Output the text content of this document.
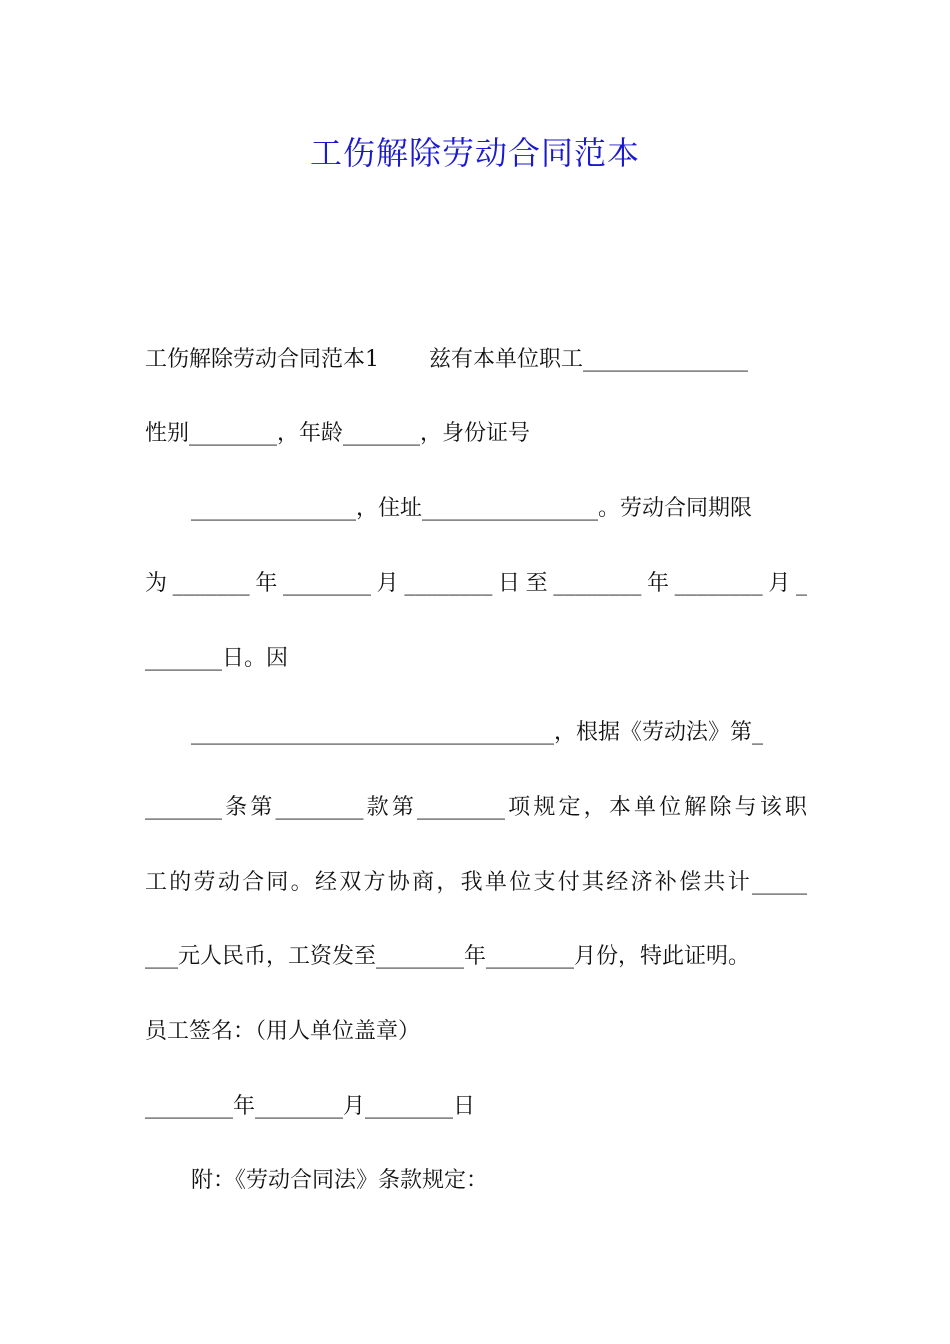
工伤解除劳动合同范本
工伤解除劳动合同范本1 兹有本单位职工_______________
性别________，年龄_______，身份证号
_______________，住址________________。劳动合同期限
为_______年________月________日至________年________月_
_______日。因
_________________________________，根据《劳动法》第_
_______条第________款第________项规定，本单位解除与该职
工的劳动合同。经双方协商，我单位支付其经济补偿共计_____
___元人民币，工资发至________年________月份，特此证明。
员工签名：（用人单位盖章）
________年________月________日
附：《劳动合同法》条款规定：
